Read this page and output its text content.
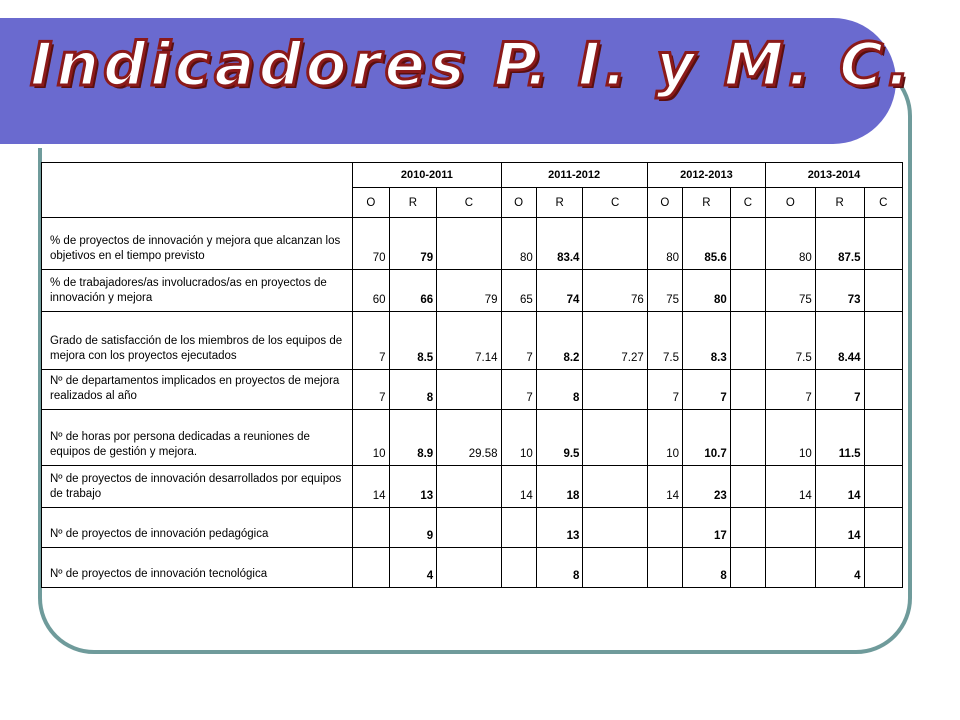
Indicadores P. I. y M. C.
	2010-2011			2011-2012			2012-2013			2013-2014		
	O	R	C	O	R	C	O	R	C	O	R	C
% de proyectos de innovación y mejora que alcanzan los objetivos en el tiempo previsto	70	79		80	83.4		80	85.6		80	87.5	
% de trabajadores/as involucrados/as en proyectos de innovación y mejora	60	66	79	65	74	76	75	80		75	73	
Grado de satisfacción de los miembros de los equipos de mejora con los proyectos ejecutados	7	8.5	7.14	7	8.2	7.27	7.5	8.3		7.5	8.44	
Nº de departamentos implicados en proyectos de mejora realizados al año	7	8		7	8		7	7		7	7	
Nº de horas por persona dedicadas a reuniones de equipos de gestión y mejora.	10	8.9	29.58	10	9.5		10	10.7		10	11.5	
Nº de proyectos de innovación desarrollados por equipos de trabajo	14	13		14	18		14	23		14	14	
Nº de proyectos de innovación pedagógica		9			13			17			14	
Nº de proyectos de innovación tecnológica		4			8			8			4	
